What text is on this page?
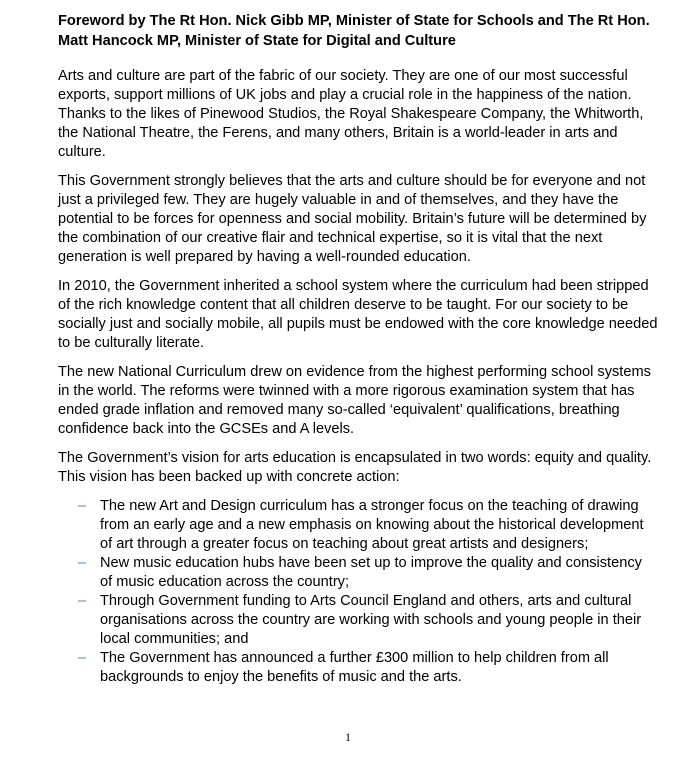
Foreword by The Rt Hon. Nick Gibb MP, Minister of State for Schools and The Rt Hon. Matt Hancock MP, Minister of State for Digital and Culture

Arts and culture are part of the fabric of our society. They are one of our most successful exports, support millions of UK jobs and play a crucial role in the happiness of the nation.
Thanks to the likes of Pinewood Studios, the Royal Shakespeare Company, the Whitworth, the National Theatre, the Ferens, and many others, Britain is a world-leader in arts and culture.

This Government strongly believes that the arts and culture should be for everyone and not just a privileged few. They are hugely valuable in and of themselves, and they have the potential to be forces for openness and social mobility. Britain’s future will be determined by the combination of our creative flair and technical expertise, so it is vital that the next generation is well prepared by having a well-rounded education.

In 2010, the Government inherited a school system where the curriculum had been stripped of the rich knowledge content that all children deserve to be taught. For our society to be socially just and socially mobile, all pupils must be endowed with the core knowledge needed to be culturally literate.

The new National Curriculum drew on evidence from the highest performing school systems in the world. The reforms were twinned with a more rigorous examination system that has ended grade inflation and removed many so-called ‘equivalent’ qualifications, breathing confidence back into the GCSEs and A levels.

The Government’s vision for arts education is encapsulated in two words: equity and quality. This vision has been backed up with concrete action:

– The new Art and Design curriculum has a stronger focus on the teaching of drawing from an early age and a new emphasis on knowing about the historical development of art through a greater focus on teaching about great artists and designers;
– New music education hubs have been set up to improve the quality and consistency of music education across the country;
– Through Government funding to Arts Council England and others, arts and cultural organisations across the country are working with schools and young people in their local communities; and
– The Government has announced a further £300 million to help children from all backgrounds to enjoy the benefits of music and the arts.
1
